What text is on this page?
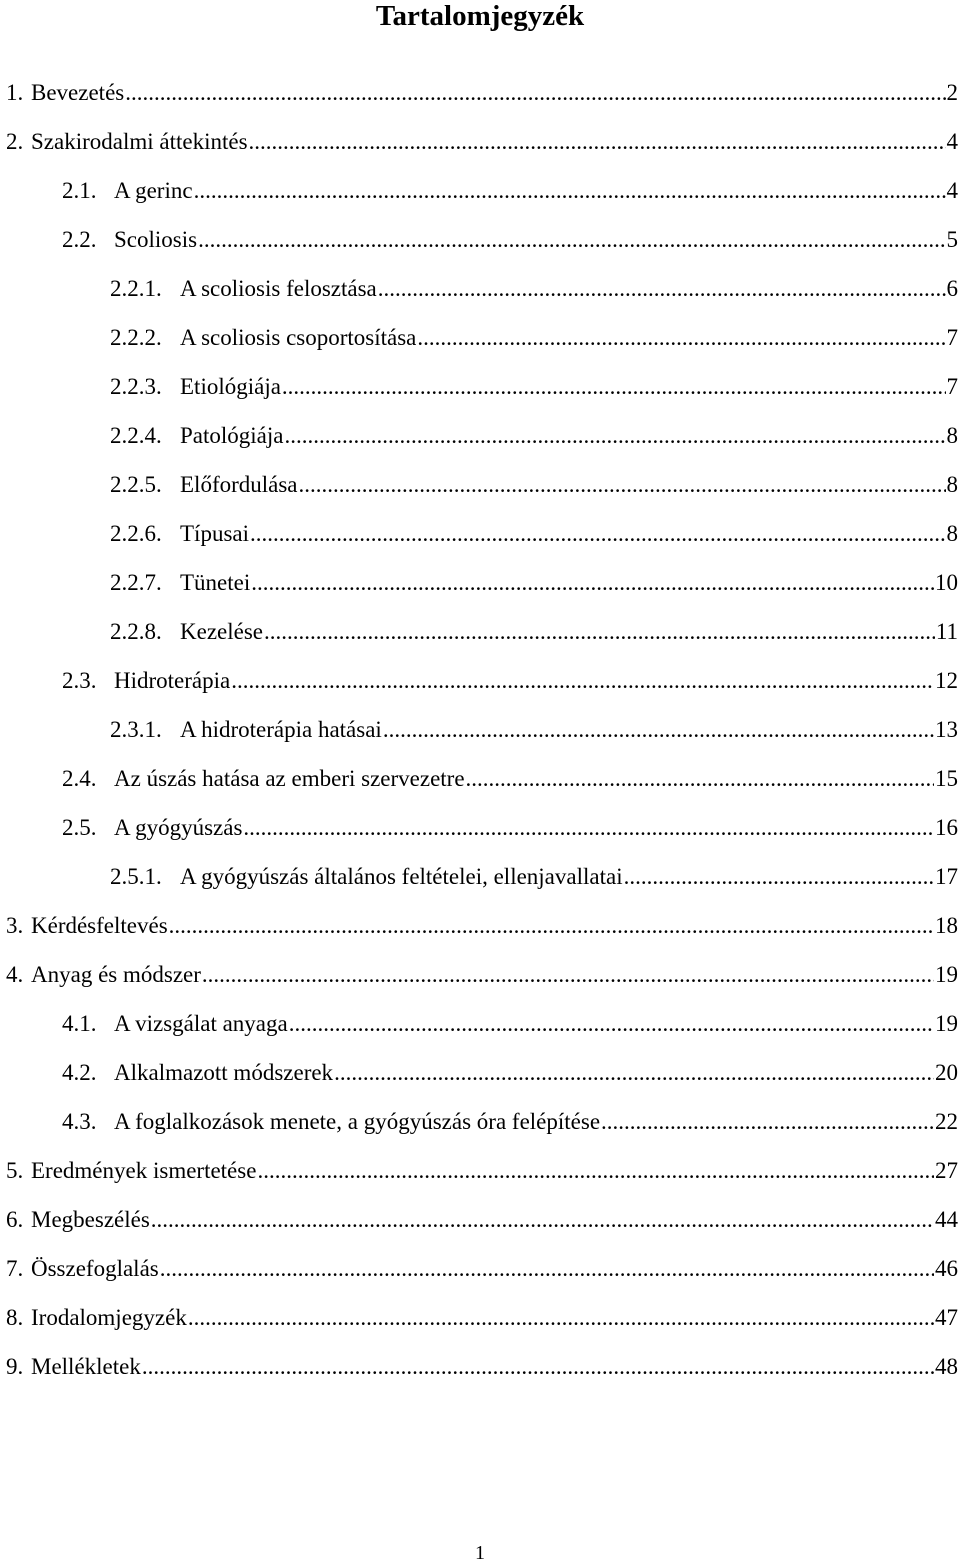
Tartalomjegyzék
1. Bevezetés .....	2
2. Szakirodalmi áttekintés .....	4
2.1. A gerinc .....	4
2.2. Scoliosis .....	5
2.2.1. A scoliosis felosztása .....	6
2.2.2. A scoliosis csoportosítása .....	7
2.2.3. Etiológiája .....	7
2.2.4. Patológiája .....	8
2.2.5. Előfordulása .....	8
2.2.6. Típusai .....	8
2.2.7. Tünetei .....	10
2.2.8. Kezelése .....	11
2.3. Hidroterápia .....	12
2.3.1. A hidroterápia hatásai .....	13
2.4. Az úszás hatása az emberi szervezetre .....	15
2.5. A gyógyúszás .....	16
2.5.1. A gyógyúszás általános feltételei, ellenjavallatai .....	17
3. Kérdésfeltevés .....	18
4. Anyag és módszer .....	19
4.1. A vizsgálat anyaga .....	19
4.2. Alkalmazott módszerek .....	20
4.3. A foglalkozások menete, a gyógyúszás óra felépítése .....	22
5. Eredmények ismertetése .....	27
6. Megbeszélés .....	44
7. Összefoglalás .....	46
8. Irodalomjegyzék .....	47
9. Mellékletek .....	48
1
